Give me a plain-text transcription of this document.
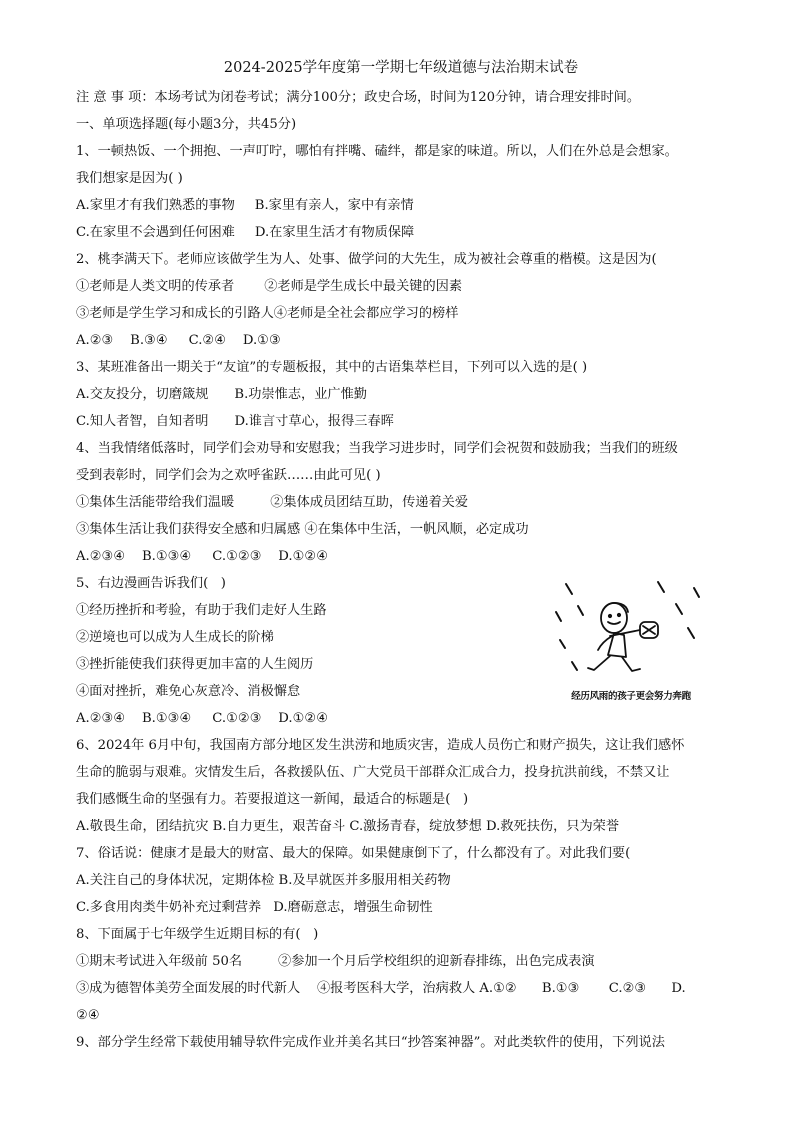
2024-2025学年度第一学期七年级道德与法治期末试卷

注 意 事 项：本场考试为闭卷考试；满分100分；政史合场，时间为120分钟，请合理安排时间。

一、单项选择题(每小题3分，共45分)

1、一顿热饭、一个拥抱、一声叮咛，哪怕有拌嘴、磕绊，都是家的味道。所以，人们在外总是会想家。

我们想家是因为( )

A.家里才有我们熟悉的事物 B.家里有亲人，家中有亲情

C.在家里不会遇到任何困难 D.在家里生活才有物质保障

2、桃李满天下。老师应该做学生为人、处事、做学问的大先生，成为被社会尊重的楷模。这是因为(

①老师是人类文明的传承者 ②老师是学生成长中最关键的因素

③老师是学生学习和成长的引路人④老师是全社会都应学习的榜样

A.②③    B.③④     C.②④    D.①③

3、某班准备出一期关于“友谊”的专题板报，其中的古语集萃栏目，下列可以入选的是( )

A.交友投分，切磨箴规 B.功崇惟志，业广惟勤

C.知人者智，自知者明 D.谁言寸草心，报得三春晖

4、当我情绪低落时，同学们会劝导和安慰我；当我学习进步时，同学们会祝贺和鼓励我；当我们的班级

受到表彰时，同学们会为之欢呼雀跃……由此可见( )

①集体生活能带给我们温暖	②集体成员团结互助，传递着关爱

③集体生活让我们获得安全感和归属感 ④在集体中生活，一帆风顺，必定成功

A.②③④    B.①③④     C.①②③    D.①②④

5、右边漫画告诉我们(   )

①经历挫折和考验，有助于我们走好人生路

②逆境也可以成为人生成长的阶梯

③挫折能使我们获得更加丰富的人生阅历

④面对挫折，难免心灰意冷、消极懈怠

A.②③④    B.①③④     C.①②③    D.①②④

6、2024年 6月中旬，我国南方部分地区发生洪涝和地质灾害，造成人员伤亡和财产损失，这让我们感怀

生命的脆弱与艰难。灾情发生后，各救援队伍、广大党员干部群众汇成合力，投身抗洪前线，不禁又让

我们感慨生命的坚强有力。若要报道这一新闻，最适合的标题是(   )

A.敬畏生命，团结抗灾 B.自力更生，艰苦奋斗 C.激扬青春，绽放梦想 D.救死扶伤，只为荣誉

7、俗话说：健康才是最大的财富、最大的保障。如果健康倒下了，什么都没有了。对此我们要(

A.关注自己的身体状况，定期体检 B.及早就医并多服用相关药物

C.多食用肉类牛奶补充过剩营养 D.磨砺意志，增强生命韧性

8、下面属于七年级学生近期目标的有(   )

①期末考试进入年级前 50名	②参加一个月后学校组织的迎新春排练，出色完成表演

③成为德智体美劳全面发展的时代新人    ④报考医科大学，治病救人 A.①②      B.①③       C.②③      D.

②④

9、部分学生经常下载使用辅导软件完成作业并美名其曰“抄答案神器”。对此类软件的使用，下列说法

经历风雨的孩子更会努力奔跑
